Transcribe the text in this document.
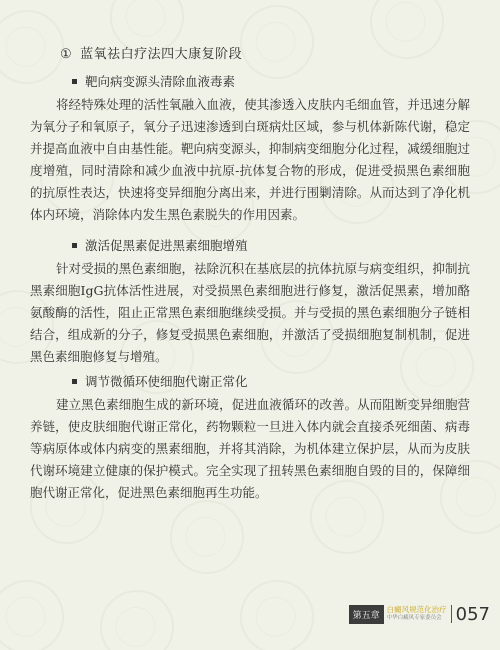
① 蓝氧祛白疗法四大康复阶段
靶向病变源头清除血液毒素
将经特殊处理的活性氧融入血液，使其渗透入皮肤内毛细血管，并迅速分解为氧分子和氧原子，氧分子迅速渗透到白斑病灶区域，参与机体新陈代谢，稳定并提高血液中自由基性能。靶向病变源头，抑制病变细胞分化过程，减缓细胞过度增殖，同时清除和减少血液中抗原-抗体复合物的形成，促进受损黑色素细胞的抗原性表达，快速将变异细胞分离出来，并进行围剿清除。从而达到了净化机体内环境，消除体内发生黑色素脱失的作用因素。
激活促黑素促进黑素细胞增殖
针对受损的黑色素细胞，祛除沉积在基底层的抗体抗原与病变组织，抑制抗黑素细胞IgG抗体活性进展，对受损黑色素细胞进行修复，激活促黑素，增加酪氨酸酶的活性，阻止正常黑色素细胞继续受损。并与受损的黑色素细胞分子链相结合，组成新的分子，修复受损黑色素细胞，并激活了受损细胞复制机制，促进黑色素细胞修复与增殖。
调节微循环使细胞代谢正常化
建立黑色素细胞生成的新环境，促进血液循环的改善。从而阻断变异细胞营养链，使皮肤细胞代谢正常化，药物颗粒一旦进入体内就会直接杀死细菌、病毒等病原体或体内病变的黑素细胞，并将其消除，为机体建立保护层，从而为皮肤代谢环境建立健康的保护模式。完全实现了扭转黑色素细胞自毁的目的，保障细胞代谢正常化，促进黑色素细胞再生功能。
第五章
白癜风规范化治疗
中华白癜风专家委员会 057
